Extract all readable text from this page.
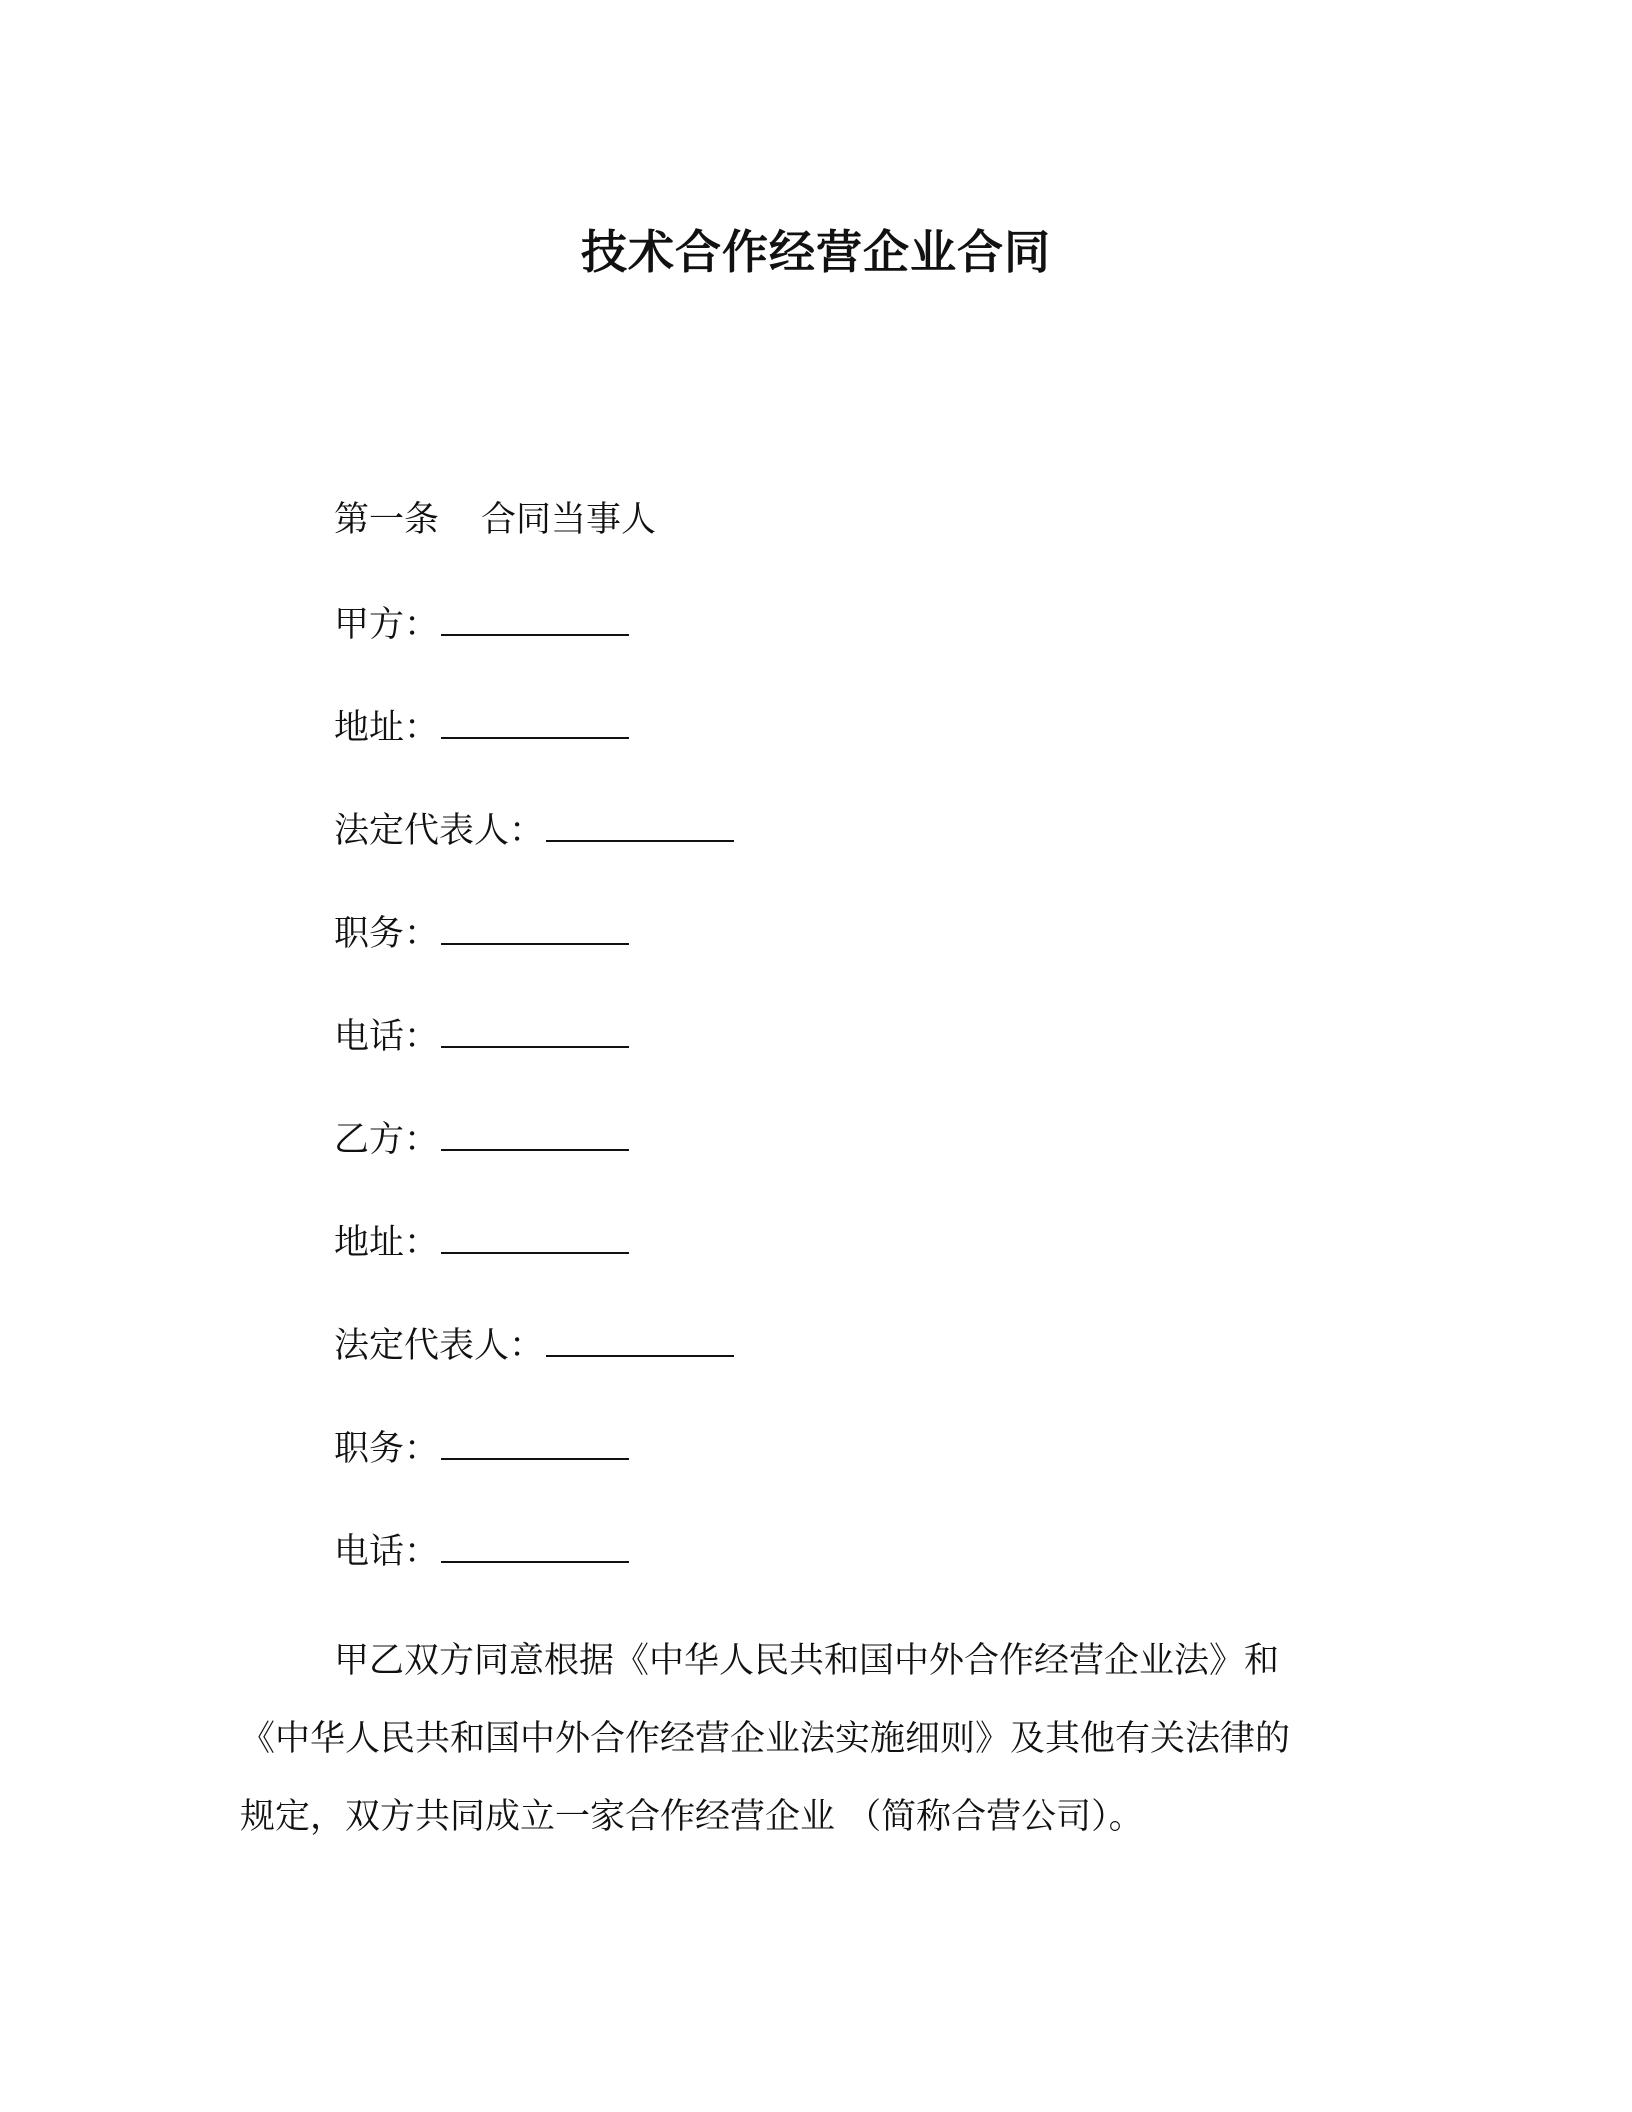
技术合作经营企业合同
第一条 合同当事人
甲方：
地址：
法定代表人：
职务：
电话：
乙方：
地址：
法定代表人：
职务：
电话：

甲乙双方同意根据《中华人民共和国中外合作经营企业法》和

《中华人民共和国中外合作经营企业法实施细则》及其他有关法律的

规定，双方共同成立一家合作经营企业 （简称合营公司）。
